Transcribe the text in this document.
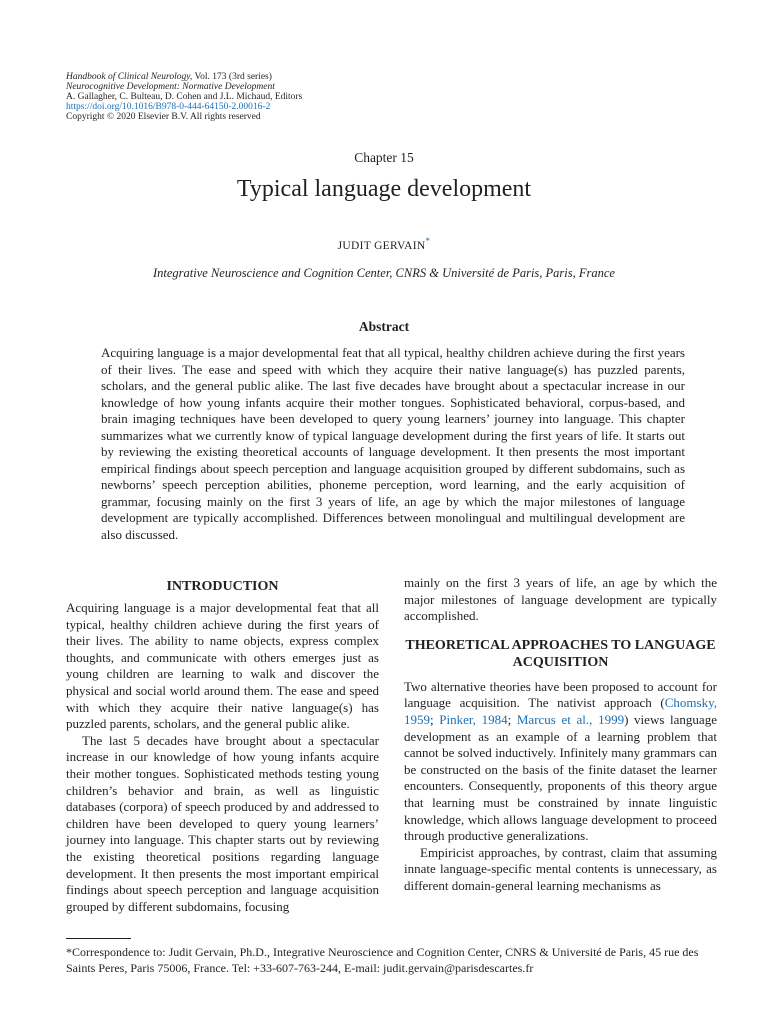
Handbook of Clinical Neurology, Vol. 173 (3rd series)
Neurocognitive Development: Normative Development
A. Gallagher, C. Bulteau, D. Cohen and J.L. Michaud, Editors
https://doi.org/10.1016/B978-0-444-64150-2.00016-2
Copyright © 2020 Elsevier B.V. All rights reserved
Chapter 15
Typical language development
JUDIT GERVAIN*
Integrative Neuroscience and Cognition Center, CNRS & Université de Paris, Paris, France
Abstract

Acquiring language is a major developmental feat that all typical, healthy children achieve during the first years of their lives. The ease and speed with which they acquire their native language(s) has puzzled parents, scholars, and the general public alike. The last five decades have brought about a spectacular increase in our knowledge of how young infants acquire their mother tongues. Sophisticated behavioral, corpus-based, and brain imaging techniques have been developed to query young learners’ journey into language. This chapter summarizes what we currently know of typical language development during the first years of life. It starts out by reviewing the existing theoretical accounts of language development. It then presents the most important empirical findings about speech perception and language acquisition grouped by different subdomains, such as newborns’ speech perception abilities, phoneme perception, word learning, and the early acquisition of grammar, focusing mainly on the first 3 years of life, an age by which the major milestones of language development are typically accomplished. Differences between monolingual and multilingual development are also discussed.

INTRODUCTION

Acquiring language is a major developmental feat that all typical, healthy children achieve during the first years of their lives. The ability to name objects, express complex thoughts, and communicate with others emerges just as young children are learning to walk and discover the physical and social world around them. The ease and speed with which they acquire their native language(s) has puzzled parents, scholars, and the general public alike.

The last 5 decades have brought about a spectacular increase in our knowledge of how young infants acquire their mother tongues. Sophisticated methods testing young children’s behavior and brain, as well as linguistic databases (corpora) of speech produced by and addressed to children have been developed to query young learners’ journey into language. This chapter starts out by reviewing the existing theoretical positions regarding language development. It then presents the most important empirical findings about speech perception and language acquisition grouped by different subdomains, focusing

mainly on the first 3 years of life, an age by which the major milestones of language development are typically accomplished.

THEORETICAL APPROACHES TO LANGUAGE ACQUISITION

Two alternative theories have been proposed to account for language acquisition. The nativist approach (Chomsky, 1959; Pinker, 1984; Marcus et al., 1999) views language development as an example of a learning problem that cannot be solved inductively. Infinitely many grammars can be constructed on the basis of the finite dataset the learner encounters. Consequently, proponents of this theory argue that learning must be constrained by innate linguistic knowledge, which allows language development to proceed through productive generalizations.

Empiricist approaches, by contrast, claim that assuming innate language-specific mental contents is unnecessary, as different domain-general learning mechanisms as

*Correspondence to: Judit Gervain, Ph.D., Integrative Neuroscience and Cognition Center, CNRS & Université de Paris, 45 rue des Saints Peres, Paris 75006, France. Tel: +33-607-763-244, E-mail: judit.gervain@parisdescartes.fr
